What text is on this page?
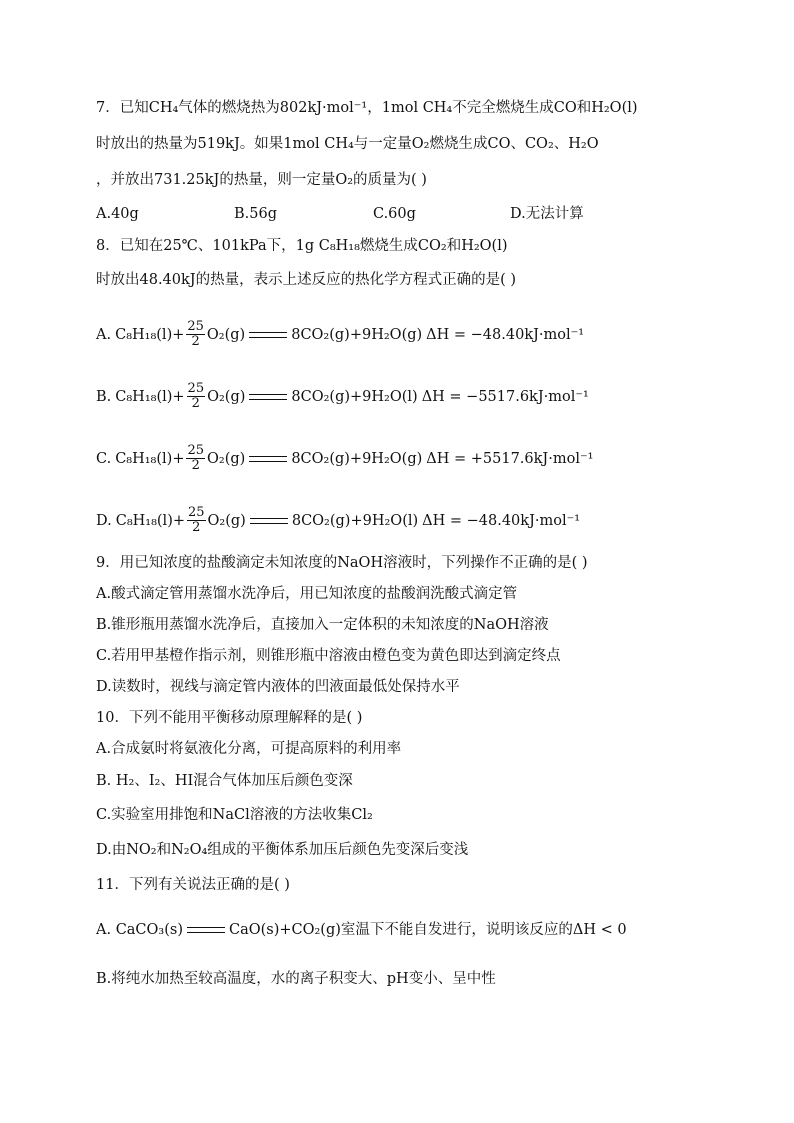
7．已知CH₄气体的燃烧热为802kJ·mol⁻¹，1mol CH₄不完全燃烧生成CO和H₂O(l)
时放出的热量为519kJ。如果1mol CH₄与一定量O₂燃烧生成CO、CO₂、H₂O
，并放出731.25kJ的热量，则一定量O₂的质量为( )
A.40g	B.56g	C.60g	D.无法计算
8．已知在25℃、101kPa下，1g C₈H₁₈燃烧生成CO₂和H₂O(l)
时放出48.40kJ的热量，表示上述反应的热化学方程式正确的是( )
A. $C_8H_{18}(l)+ \frac{25}{2} O_2(g)$	8CO₂(g)+9H₂O (g) ΔH = −48.40kJ·mol⁻¹
B. $C_8H_{18}(l)+ \frac{25}{2} O_2(g)$	8CO₂(g)+9H₂O (l) ΔH = −5517.6kJ·mol⁻¹
C. $C_8H_{18}(l)+ \frac{25}{2} O_2(g)$	8CO₂(g)+9H₂O (g) ΔH = +5517.6kJ·mol⁻¹
D. $C_8H_{18}(l)+ \frac{25}{2} O_2(g)$	8CO₂(g)+9H₂O (l) ΔH = −48.40kJ·mol⁻¹
9．用已知浓度的盐酸滴定未知浓度的NaOH溶液时，下列操作不正确的是( )
A.酸式滴定管用蒸馏水洗净后，用已知浓度的盐酸润洗酸式滴定管
B.锥形瓶用蒸馏水洗净后，直接加入一定体积的未知浓度的NaOH溶液
C.若用甲基橙作指示剂，则锥形瓶中溶液由橙色变为黄色即达到滴定终点
D.读数时，视线与滴定管内液体的凹液面最低处保持水平
10．下列不能用平衡移动原理解释的是( )
A.合成氨时将氨液化分离，可提高原料的利用率
B. H₂、I₂、HI混合气体加压后颜色变深
C.实验室用排饱和NaCl溶液的方法收集Cl₂
D.由NO₂和N₂O₄组成的平衡体系加压后颜色先变深后变浅
11．下列有关说法正确的是( )
A. CaCO₃(s)	CaO(s)+CO₂(g)室温下不能自发进行，说明该反应的ΔH < 0
B.将纯水加热至较高温度，水的离子积变大、pH变小、呈中性
